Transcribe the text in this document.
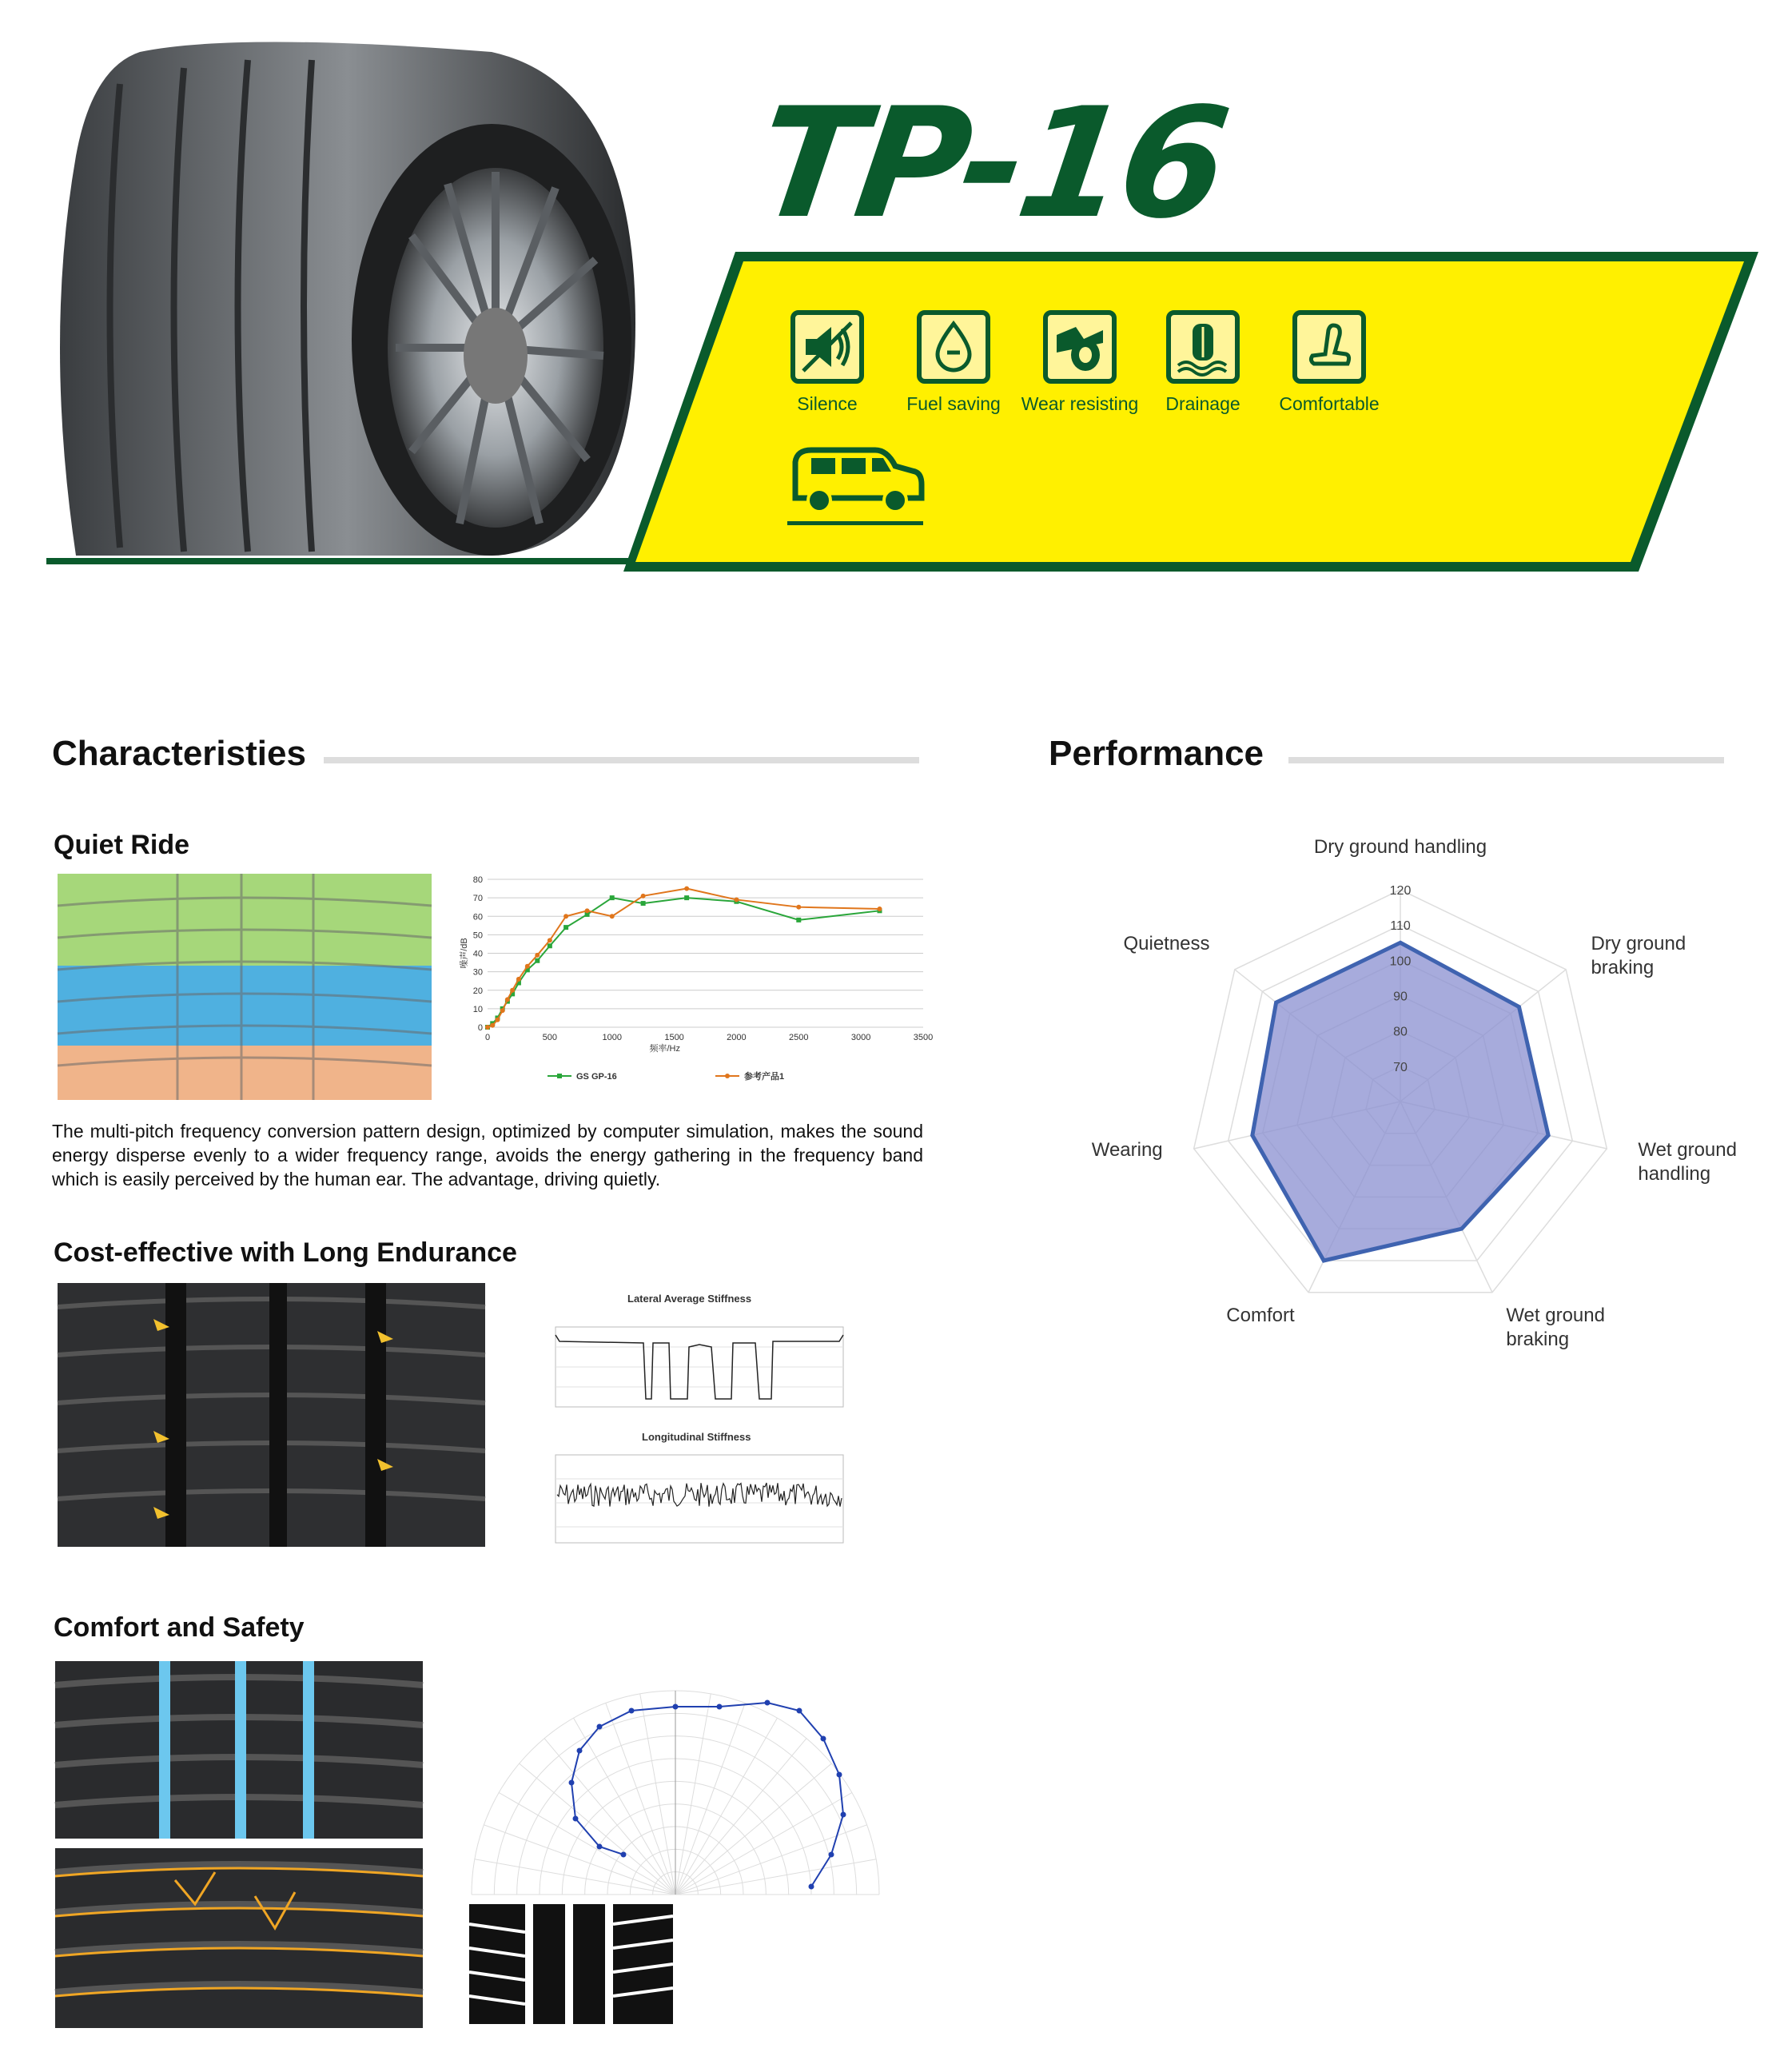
TP-16
Silence	Fuel saving	Wear resisting	Drainage	Comfortable
Characteristies
Quiet Ride
0
10
20
30
40
50
60
70
80
0	500	1000	1500	2000	2500	3000	3500
频率/Hz
噪声/dB
GS GP-16	参考产品1
The multi-pitch frequency conversion pattern design, optimized by computer simulation, makes the sound energy disperse evenly to a wider frequency range, avoids the energy gathering in the frequency band which is easily perceived by the human ear. The advantage, driving quietly.
Cost-effective with Long Endurance
Lateral Average Stiffness
Longitudinal Stiffness
Comfort and Safety
Performance
70
80
90
100
110
120
Dry ground handling
Dry ground braking
Wet ground handling
Wet ground braking
Comfort
Wearing
Quietness
